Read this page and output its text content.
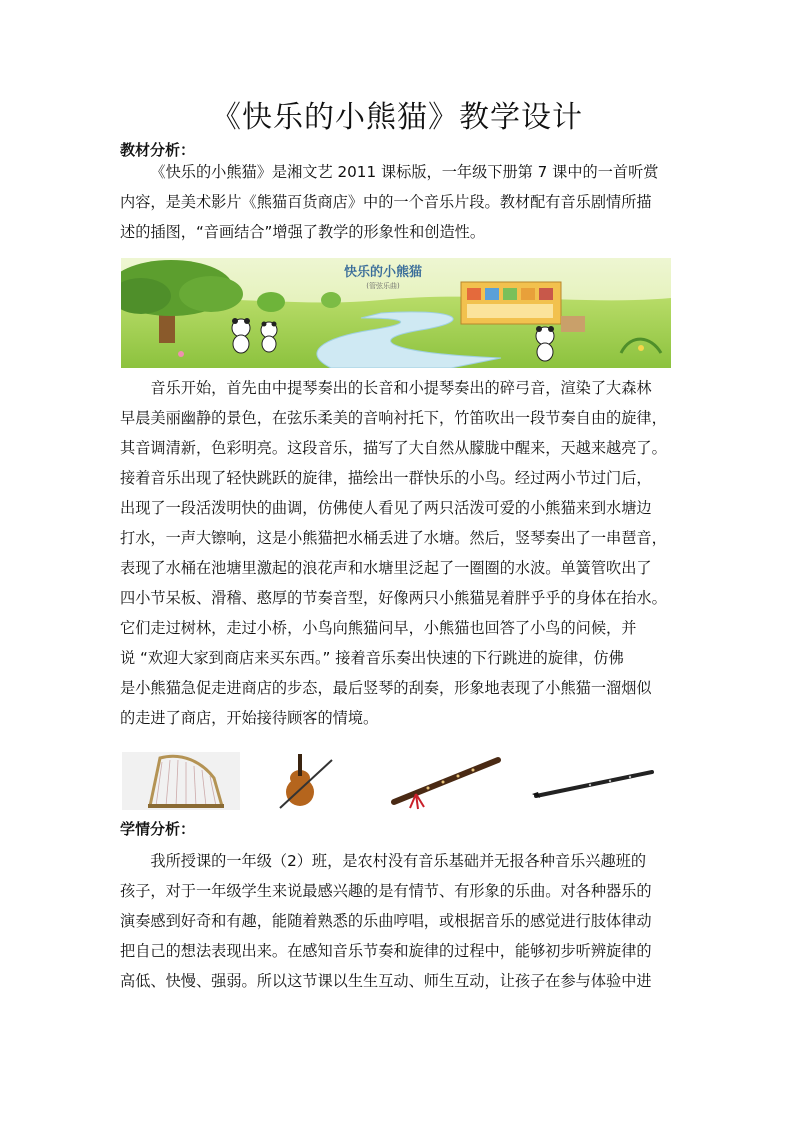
《快乐的小熊猫》教学设计
教材分析：
《快乐的小熊猫》是湘文艺 2011 课标版，一年级下册第 7 课中的一首听赏
内容，是美术影片《熊猫百货商店》中的一个音乐片段。教材配有音乐剧情所描
述的插图，“音画结合”增强了教学的形象性和创造性。
快乐的小熊猫
(管弦乐曲)
音乐开始，首先由中提琴奏出的长音和小提琴奏出的碎弓音，渲染了大森林
早晨美丽幽静的景色，在弦乐柔美的音响衬托下，竹笛吹出一段节奏自由的旋律，
其音调清新，色彩明亮。这段音乐，描写了大自然从朦胧中醒来，天越来越亮了。
接着音乐出现了轻快跳跃的旋律，描绘出一群快乐的小鸟。经过两小节过门后，
出现了一段活泼明快的曲调，仿佛使人看见了两只活泼可爱的小熊猫来到水塘边
打水，一声大镲响，这是小熊猫把水桶丢进了水塘。然后，竖琴奏出了一串琶音，
表现了水桶在池塘里激起的浪花声和水塘里泛起了一圈圈的水波。单簧管吹出了
四小节呆板、滑稽、憨厚的节奏音型，好像两只小熊猫晃着胖乎乎的身体在抬水。
它们走过树林，走过小桥，小鸟向熊猫问早，小熊猫也回答了小鸟的问候，并
说 “欢迎大家到商店来买东西。” 接着音乐奏出快速的下行跳进的旋律，仿佛
是小熊猫急促走进商店的步态，最后竖琴的刮奏，形象地表现了小熊猫一溜烟似
的走进了商店，开始接待顾客的情境。
学情分析：
我所授课的一年级（2）班，是农村没有音乐基础并无报各种音乐兴趣班的
孩子，对于一年级学生来说最感兴趣的是有情节、有形象的乐曲。对各种器乐的
演奏感到好奇和有趣，能随着熟悉的乐曲哼唱，或根据音乐的感觉进行肢体律动
把自己的想法表现出来。在感知音乐节奏和旋律的过程中，能够初步听辨旋律的
高低、快慢、强弱。所以这节课以生生互动、师生互动，让孩子在参与体验中进
